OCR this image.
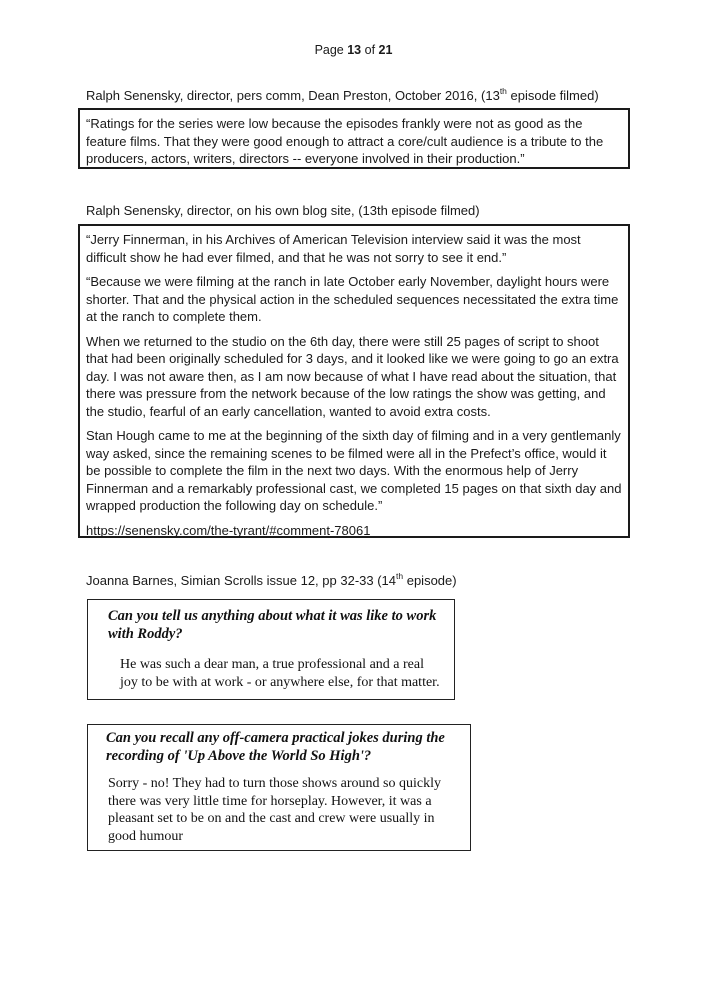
Page 13 of 21
Ralph Senensky, director, pers comm, Dean Preston, October 2016, (13th episode filmed)

“Ratings for the series were low because the episodes frankly were not as good as the feature films. That they were good enough to attract a core/cult audience is a tribute to the producers, actors, writers, directors -- everyone involved in their production.”

Ralph Senensky, director, on his own blog site, (13th episode filmed)

“Jerry Finnerman, in his Archives of American Television interview said it was the most difficult show he had ever filmed, and that he was not sorry to see it end.”

“Because we were filming at the ranch in late October early November, daylight hours were shorter. That and the physical action in the scheduled sequences necessitated the extra time at the ranch to complete them.

When we returned to the studio on the 6th day, there were still 25 pages of script to shoot that had been originally scheduled for 3 days, and it looked like we were going to go an extra day. I was not aware then, as I am now because of what I have read about the situation, that there was pressure from the network because of the low ratings the show was getting, and the studio, fearful of an early cancellation, wanted to avoid extra costs.

Stan Hough came to me at the beginning of the sixth day of filming and in a very gentlemanly way asked, since the remaining scenes to be filmed were all in the Prefect’s office, would it be possible to complete the film in the next two days. With the enormous help of Jerry Finnerman and a remarkably professional cast, we completed 15 pages on that sixth day and wrapped production the following day on schedule.”

https://senensky.com/the-tyrant/#comment-78061

Joanna Barnes, Simian Scrolls issue 12, pp 32-33 (14th episode)

Can you tell us anything about what it was like to work with Roddy?

He was such a dear man, a true professional and a real joy to be with at work - or anywhere else, for that matter.

Can you recall any off-camera practical jokes during the recording of 'Up Above the World So High'?

Sorry - no! They had to turn those shows around so quickly there was very little time for horseplay. However, it was a pleasant set to be on and the cast and crew were usually in good humour
